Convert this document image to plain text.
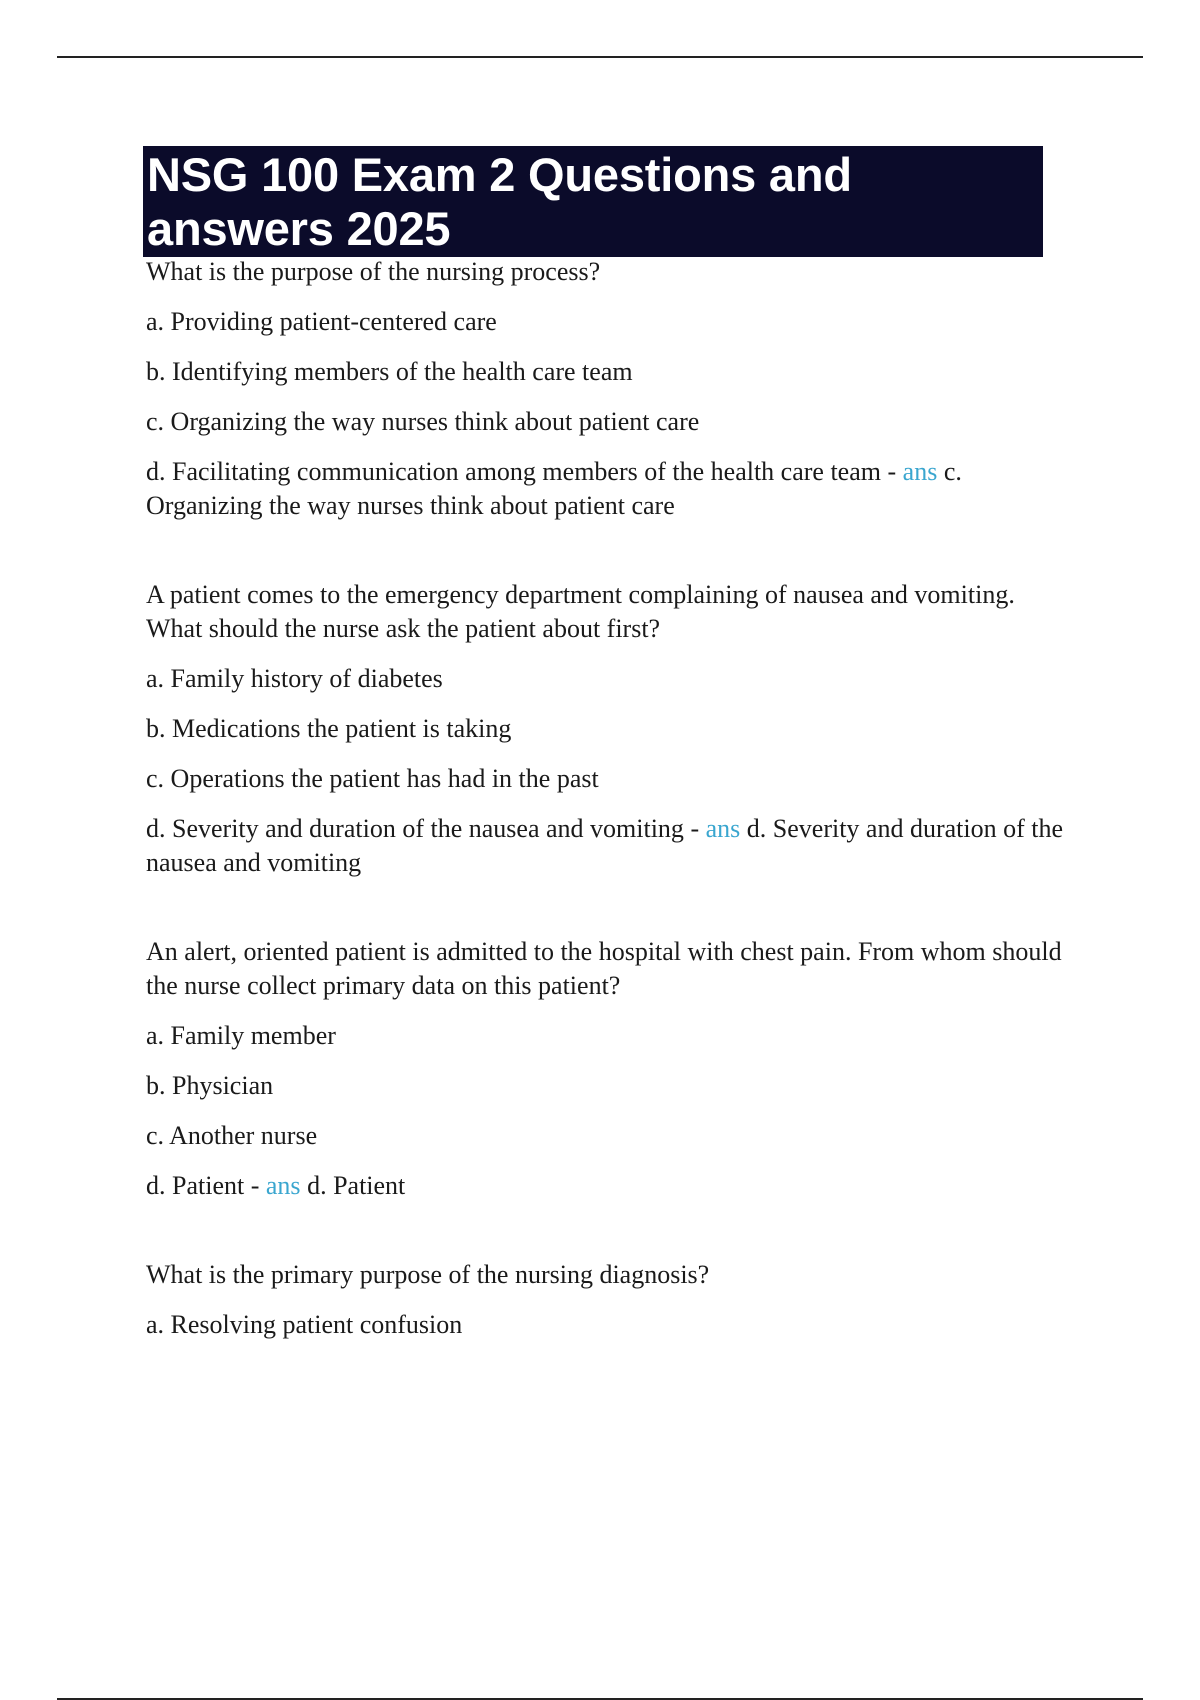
NSG 100 Exam 2 Questions and answers 2025

What is the purpose of the nursing process?

a. Providing patient-centered care

b. Identifying members of the health care team

c. Organizing the way nurses think about patient care

d. Facilitating communication among members of the health care team - ans c. Organizing the way nurses think about patient care

A patient comes to the emergency department complaining of nausea and vomiting. What should the nurse ask the patient about first?

a. Family history of diabetes

b. Medications the patient is taking

c. Operations the patient has had in the past

d. Severity and duration of the nausea and vomiting - ans d. Severity and duration of the nausea and vomiting

An alert, oriented patient is admitted to the hospital with chest pain. From whom should the nurse collect primary data on this patient?

a. Family member

b. Physician

c. Another nurse

d. Patient - ans d. Patient

What is the primary purpose of the nursing diagnosis?

a. Resolving patient confusion
